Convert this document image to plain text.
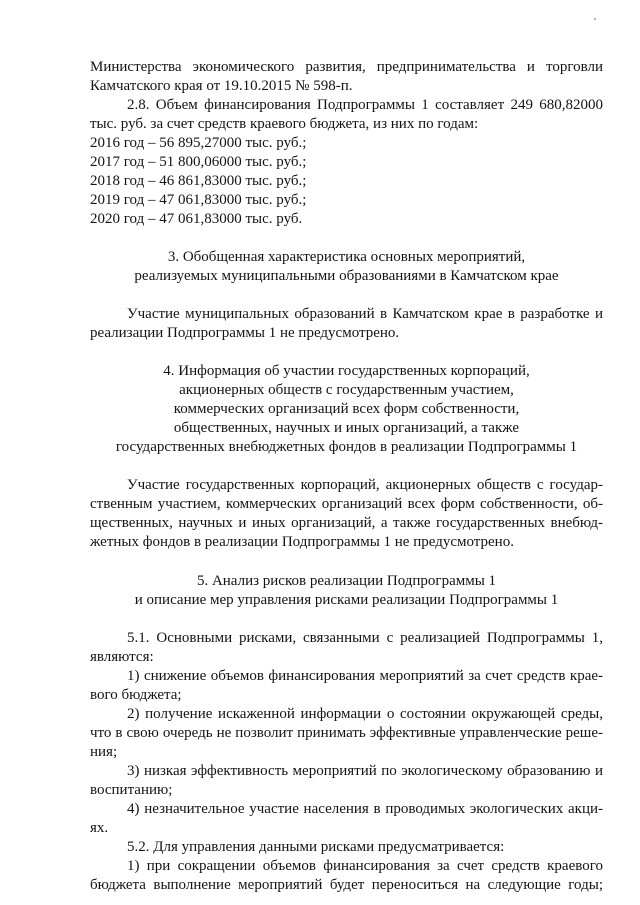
Министерства экономического развития, предпринимательства и торговли
Камчатского края от 19.10.2015 № 598-п.
2.8. Объем финансирования Подпрограммы 1 составляет 249 680,82000
тыс. руб. за счет средств краевого бюджета, из них по годам:
2016 год – 56 895,27000 тыс. руб.;
2017 год – 51 800,06000 тыс. руб.;
2018 год – 46 861,83000 тыс. руб.;
2019 год – 47 061,83000 тыс. руб.;
2020 год – 47 061,83000 тыс. руб.
3. Обобщенная характеристика основных мероприятий,
реализуемых муниципальными образованиями в Камчатском крае
Участие муниципальных образований в Камчатском крае в разработке и
реализации Подпрограммы 1 не предусмотрено.
4. Информация об участии государственных корпораций,
акционерных обществ с государственным участием,
коммерческих организаций всех форм собственности,
общественных, научных и иных организаций, а также
государственных внебюджетных фондов в реализации Подпрограммы 1
Участие государственных корпораций, акционерных обществ с государ-
ственным участием, коммерческих организаций всех форм собственности, об-
щественных, научных и иных организаций, а также государственных внебюд-
жетных фондов в реализации Подпрограммы 1 не предусмотрено.
5. Анализ рисков реализации Подпрограммы 1
и описание мер управления рисками реализации Подпрограммы 1
5.1. Основными рисками, связанными с реализацией Подпрограммы 1,
являются:
1) снижение объемов финансирования мероприятий за счет средств крае-
вого бюджета;
2) получение искаженной информации о состоянии окружающей среды,
что в свою очередь не позволит принимать эффективные управленческие реше-
ния;
3) низкая эффективность мероприятий по экологическому образованию и
воспитанию;
4) незначительное участие населения в проводимых экологических акци-
ях.
5.2. Для управления данными рисками предусматривается:
1) при сокращении объемов финансирования за счет средств краевого
бюджета выполнение мероприятий будет переноситься на следующие годы;
